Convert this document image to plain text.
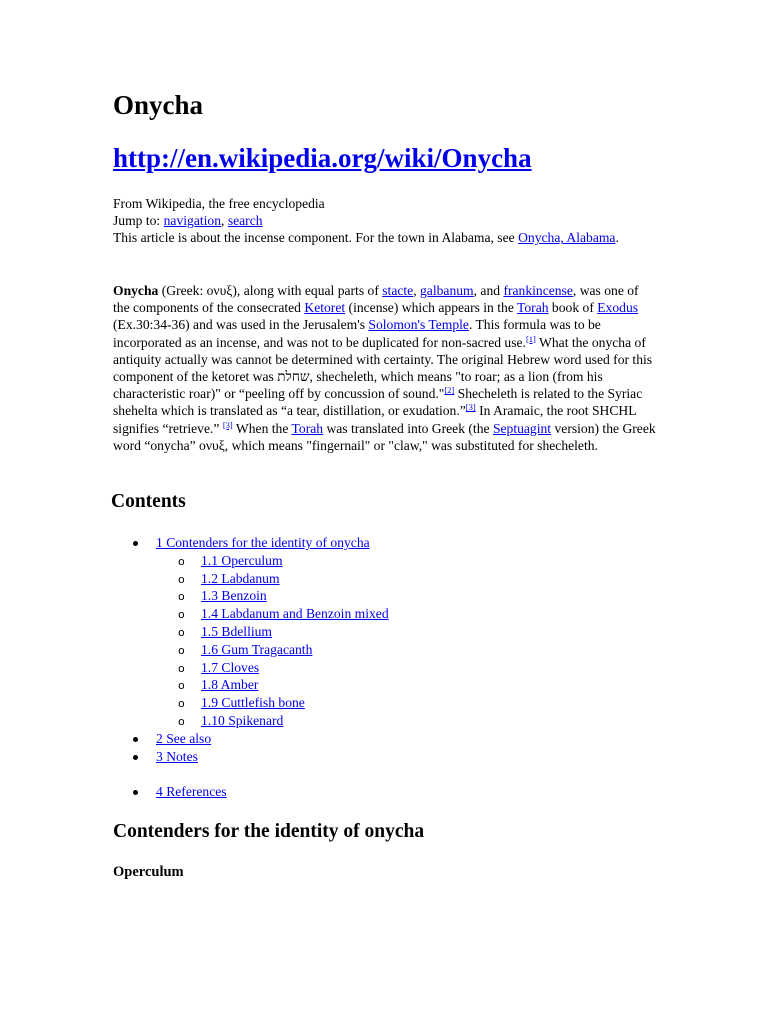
Onycha
http://en.wikipedia.org/wiki/Onycha
From Wikipedia, the free encyclopedia
Jump to: navigation, search
This article is about the incense component. For the town in Alabama, see Onycha, Alabama.

Onycha (Greek: ονυξ), along with equal parts of stacte, galbanum, and frankincense, was one of the components of the consecrated Ketoret (incense) which appears in the Torah book of Exodus (Ex.30:34-36) and was used in the Jerusalem's Solomon's Temple. This formula was to be incorporated as an incense, and was not to be duplicated for non-sacred use.[1] What the onycha of antiquity actually was cannot be determined with certainty. The original Hebrew word used for this component of the ketoret was שחלת, shecheleth, which means "to roar; as a lion (from his characteristic roar)" or “peeling off by concussion of sound."[2] Shecheleth is related to the Syriac shehelta which is translated as “a tear, distillation, or exudation.”[3] In Aramaic, the root SHCHL signifies “retrieve.” [3] When the Torah was translated into Greek (the Septuagint version) the Greek word “onycha” ονυξ, which means "fingernail" or "claw," was substituted for shecheleth.

Contents
1 Contenders for the identity of onycha
o 1.1 Operculum
o 1.2 Labdanum
o 1.3 Benzoin
o 1.4 Labdanum and Benzoin mixed
o 1.5 Bdellium
o 1.6 Gum Tragacanth
o 1.7 Cloves
o 1.8 Amber
o 1.9 Cuttlefish bone
o 1.10 Spikenard
2 See also
3 Notes
4 References
Contenders for the identity of onycha
Operculum
